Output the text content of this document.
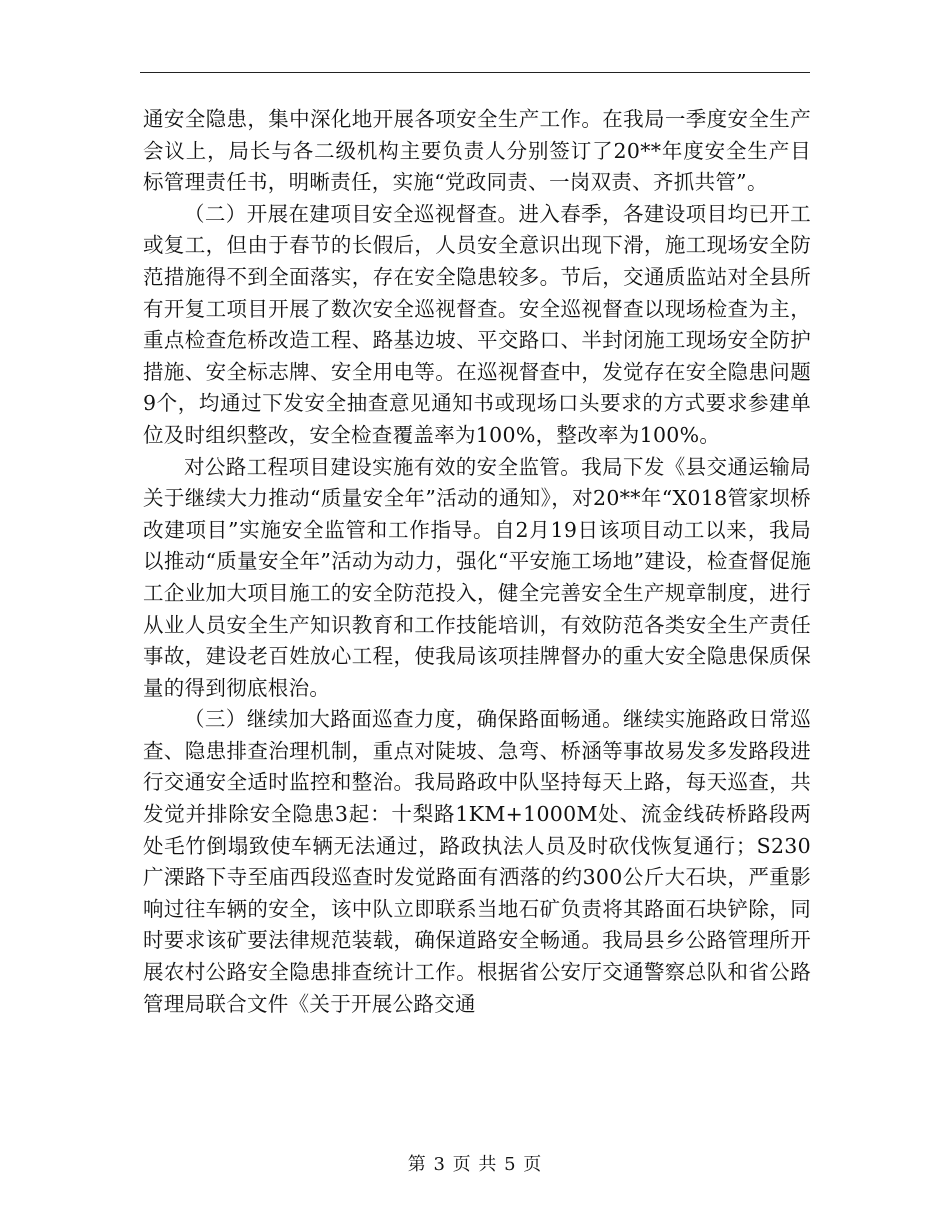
通安全隐患，集中深化地开展各项安全生产工作。在我局一季度安全生产会议上，局长与各二级机构主要负责人分别签订了20**年度安全生产目标管理责任书，明晰责任，实施“党政同责、一岗双责、齐抓共管”。

（二）开展在建项目安全巡视督查。进入春季，各建设项目均已开工或复工，但由于春节的长假后，人员安全意识出现下滑，施工现场安全防范措施得不到全面落实，存在安全隐患较多。节后，交通质监站对全县所有开复工项目开展了数次安全巡视督查。安全巡视督查以现场检查为主，重点检查危桥改造工程、路基边坡、平交路口、半封闭施工现场安全防护措施、安全标志牌、安全用电等。在巡视督查中，发觉存在安全隐患问题9个，均通过下发安全抽查意见通知书或现场口头要求的方式要求参建单位及时组织整改，安全检查覆盖率为100%，整改率为100%。

对公路工程项目建设实施有效的安全监管。我局下发《县交通运输局关于继续大力推动“质量安全年”活动的通知》，对20**年“X018管家坝桥改建项目”实施安全监管和工作指导。自2月19日该项目动工以来，我局以推动“质量安全年”活动为动力，强化“平安施工场地”建设，检查督促施工企业加大项目施工的安全防范投入，健全完善安全生产规章制度，进行从业人员安全生产知识教育和工作技能培训，有效防范各类安全生产责任事故，建设老百姓放心工程，使我局该项挂牌督办的重大安全隐患保质保量的得到彻底根治。

（三）继续加大路面巡查力度，确保路面畅通。继续实施路政日常巡查、隐患排查治理机制，重点对陡坡、急弯、桥涵等事故易发多发路段进行交通安全适时监控和整治。我局路政中队坚持每天上路，每天巡查，共发觉并排除安全隐患3起：十梨路1KM+1000M处、流金线砖桥路段两处毛竹倒塌致使车辆无法通过，路政执法人员及时砍伐恢复通行；S230广溧路下寺至庙西段巡查时发觉路面有洒落的约300公斤大石块，严重影响过往车辆的安全，该中队立即联系当地石矿负责将其路面石块铲除，同时要求该矿要法律规范装载，确保道路安全畅通。我局县乡公路管理所开展农村公路安全隐患排查统计工作。根据省公安厅交通警察总队和省公路管理局联合文件《关于开展公路交通

第 3 页 共 5 页
